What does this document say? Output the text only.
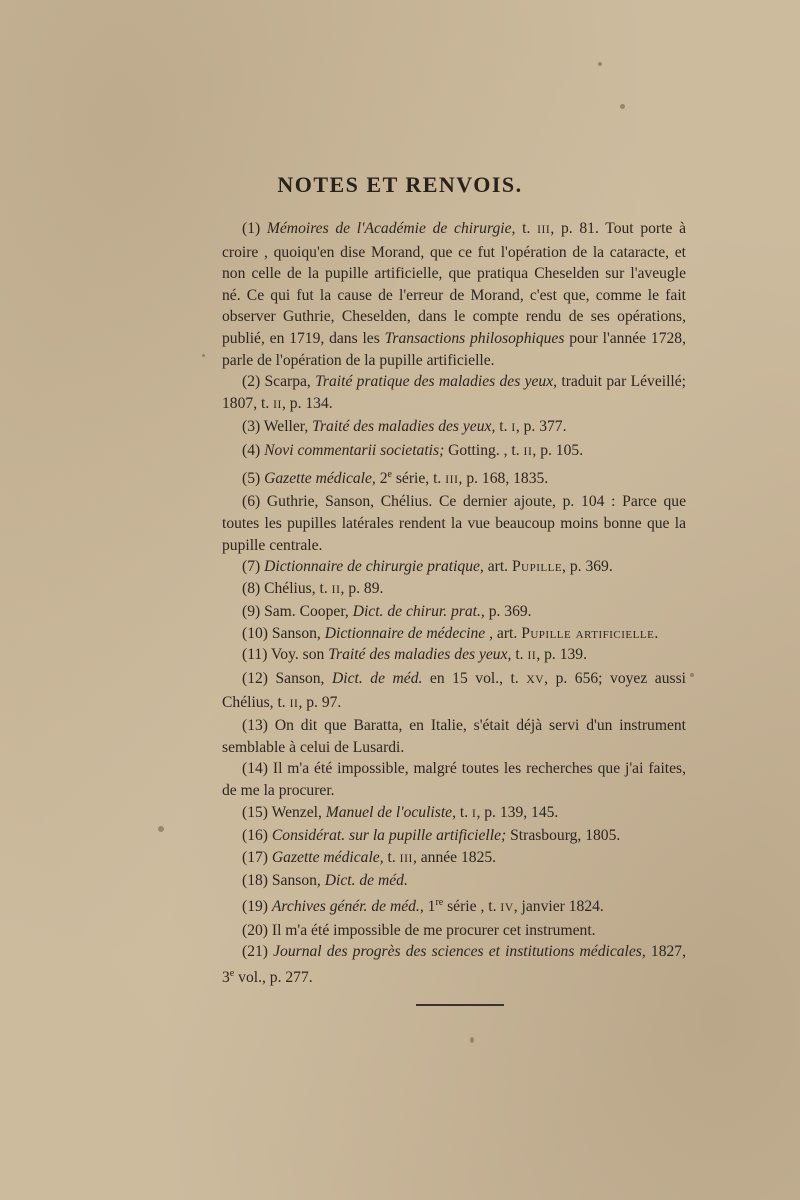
NOTES ET RENVOIS.

(1) Mémoires de l'Académie de chirurgie, t. III, p. 81. Tout porte à croire , quoiqu'en dise Morand, que ce fut l'opération de la cataracte, et non celle de la pupille artificielle, que pratiqua Cheselden sur l'aveugle né. Ce qui fut la cause de l'erreur de Morand, c'est que, comme le fait observer Guthrie, Cheselden, dans le compte rendu de ses opérations, publié, en 1719, dans les Transactions philosophiques pour l'année 1728, parle de l'opération de la pupille artificielle.

(2) Scarpa, Traité pratique des maladies des yeux, traduit par Léveillé; 1807, t. II, p. 134.

(3) Weller, Traité des maladies des yeux, t. I, p. 377.

(4) Novi commentarii societatis; Gotting. , t. II, p. 105.

(5) Gazette médicale, 2e série, t. III, p. 168, 1835.

(6) Guthrie, Sanson, Chélius. Ce dernier ajoute, p. 104 : Parce que toutes les pupilles latérales rendent la vue beaucoup moins bonne que la pupille centrale.

(7) Dictionnaire de chirurgie pratique, art. Pupille, p. 369.

(8) Chélius, t. II, p. 89.

(9) Sam. Cooper, Dict. de chirur. prat., p. 369.

(10) Sanson, Dictionnaire de médecine , art. Pupille artificielle.

(11) Voy. son Traité des maladies des yeux, t. II, p. 139.

(12) Sanson, Dict. de méd. en 15 vol., t. XV, p. 656; voyez aussi Chélius, t. II, p. 97.

(13) On dit que Baratta, en Italie, s'était déjà servi d'un instrument semblable à celui de Lusardi.

(14) Il m'a été impossible, malgré toutes les recherches que j'ai faites, de me la procurer.

(15) Wenzel, Manuel de l'oculiste, t. I, p. 139, 145.

(16) Considérat. sur la pupille artificielle; Strasbourg, 1805.

(17) Gazette médicale, t. III, année 1825.

(18) Sanson, Dict. de méd.

(19) Archives génér. de méd., 1re série , t. IV, janvier 1824.

(20) Il m'a été impossible de me procurer cet instrument.

(21) Journal des progrès des sciences et institutions médicales, 1827, 3e vol., p. 277.
